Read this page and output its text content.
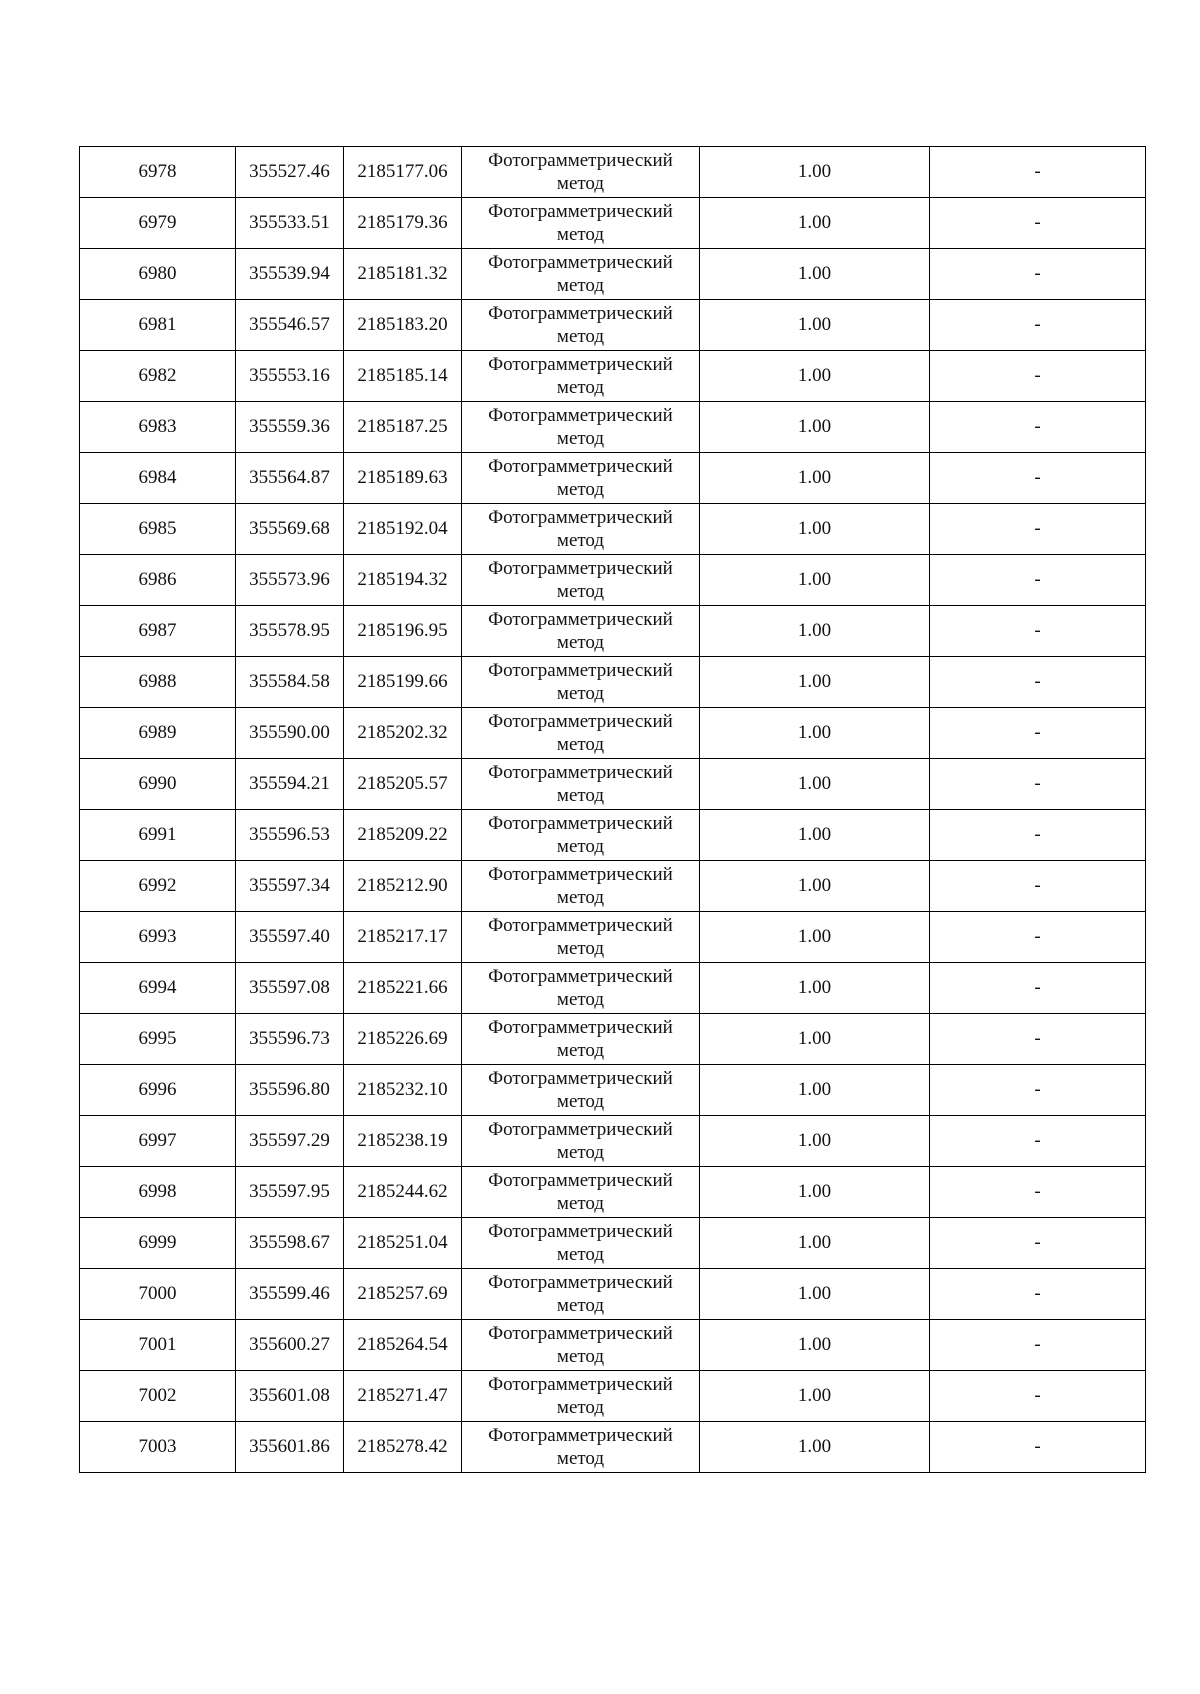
6978	355527.46	2185177.06	Фотограмметрический метод	1.00	-
6979	355533.51	2185179.36	Фотограмметрический метод	1.00	-
6980	355539.94	2185181.32	Фотограмметрический метод	1.00	-
6981	355546.57	2185183.20	Фотограмметрический метод	1.00	-
6982	355553.16	2185185.14	Фотограмметрический метод	1.00	-
6983	355559.36	2185187.25	Фотограмметрический метод	1.00	-
6984	355564.87	2185189.63	Фотограмметрический метод	1.00	-
6985	355569.68	2185192.04	Фотограмметрический метод	1.00	-
6986	355573.96	2185194.32	Фотограмметрический метод	1.00	-
6987	355578.95	2185196.95	Фотограмметрический метод	1.00	-
6988	355584.58	2185199.66	Фотограмметрический метод	1.00	-
6989	355590.00	2185202.32	Фотограмметрический метод	1.00	-
6990	355594.21	2185205.57	Фотограмметрический метод	1.00	-
6991	355596.53	2185209.22	Фотограмметрический метод	1.00	-
6992	355597.34	2185212.90	Фотограмметрический метод	1.00	-
6993	355597.40	2185217.17	Фотограмметрический метод	1.00	-
6994	355597.08	2185221.66	Фотограмметрический метод	1.00	-
6995	355596.73	2185226.69	Фотограмметрический метод	1.00	-
6996	355596.80	2185232.10	Фотограмметрический метод	1.00	-
6997	355597.29	2185238.19	Фотограмметрический метод	1.00	-
6998	355597.95	2185244.62	Фотограмметрический метод	1.00	-
6999	355598.67	2185251.04	Фотограмметрический метод	1.00	-
7000	355599.46	2185257.69	Фотограмметрический метод	1.00	-
7001	355600.27	2185264.54	Фотограмметрический метод	1.00	-
7002	355601.08	2185271.47	Фотограмметрический метод	1.00	-
7003	355601.86	2185278.42	Фотограмметрический метод	1.00	-
